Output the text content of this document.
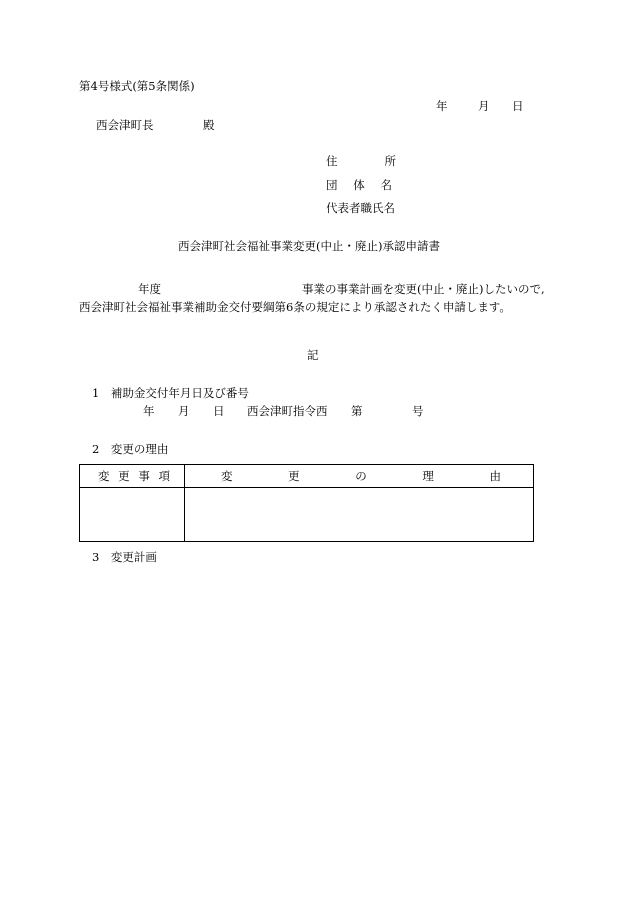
第4号様式(第5条関係)
年	月 日
西会津町長	殿
住	所
団 体 名
代表者職氏名
西会津町社会福祉事業変更(中止・廃止)承認申請書
年度	事業の事業計画を変更(中止・廃止)したいので,
西会津町社会福祉事業補助金交付要綱第6条の規定により承認されたく申請します。
記
1　補助金交付年月日及び番号
年 月 日 西会津町指令西 第	号
2　変更の理由
変 更 事 項	変 更 の 理 由

3　変更計画
